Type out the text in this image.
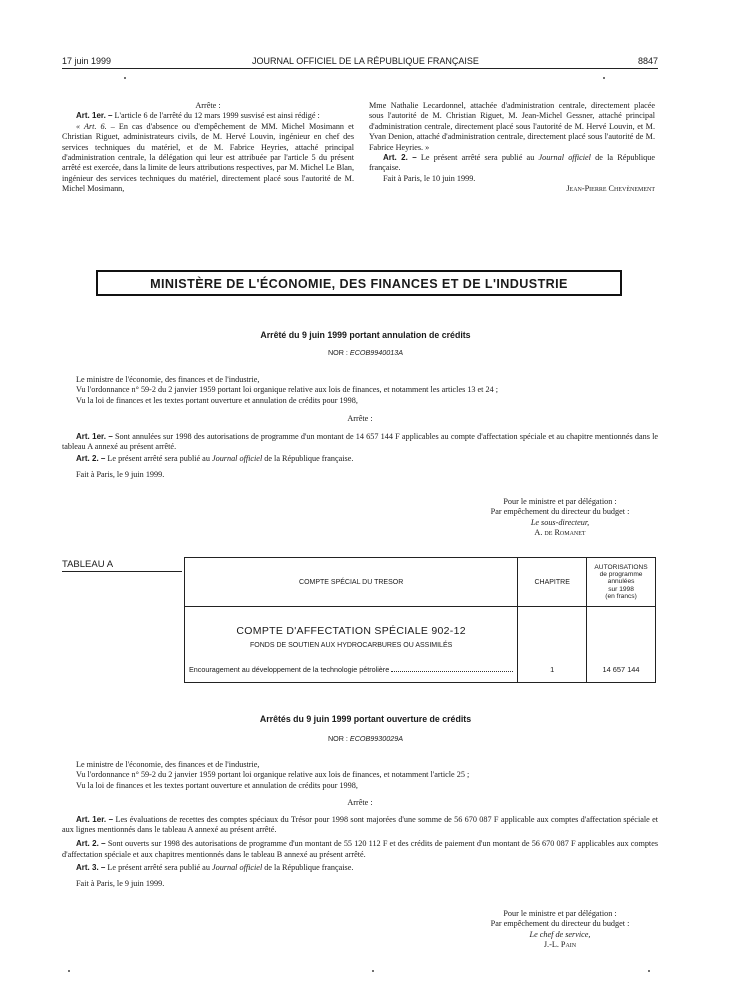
17 juin 1999	JOURNAL OFFICIEL DE LA RÉPUBLIQUE FRANÇAISE	8847

Arrête :

Art. 1er. – L'article 6 de l'arrêté du 12 mars 1999 susvisé est ainsi rédigé :

« Art. 6. – En cas d'absence ou d'empêchement de MM. Michel Mosimann et Christian Riguet, administrateurs civils, de M. Hervé Louvin, ingénieur en chef des services techniques du matériel, et de M. Fabrice Heyries, attaché principal d'administration centrale, la délégation qui leur est attribuée par l'article 5 du présent arrêté est exercée, dans la limite de leurs attributions respectives, par M. Michel Le Blan, ingénieur des services techniques du matériel, directement placé sous l'autorité de M. Michel Mosimann,

Mme Nathalie Lecardonnel, attachée d'administration centrale, directement placée sous l'autorité de M. Christian Riguet, M. Jean-Michel Gessner, attaché principal d'administration centrale, directement placé sous l'autorité de M. Hervé Louvin, et M. Yvan Denion, attaché d'administration centrale, directement placé sous l'autorité de M. Fabrice Heyries. »

Art. 2. – Le présent arrêté sera publié au Journal officiel de la République française.

Fait à Paris, le 10 juin 1999.

Jean-Pierre Chevènement

MINISTÈRE DE L'ÉCONOMIE, DES FINANCES ET DE L'INDUSTRIE
Arrêté du 9 juin 1999 portant annulation de crédits
NOR : ECOB9940013A

Le ministre de l'économie, des finances et de l'industrie,

Vu l'ordonnance n° 59-2 du 2 janvier 1959 portant loi organique relative aux lois de finances, et notamment les articles 13 et 24 ;

Vu la loi de finances et les textes portant ouverture et annulation de crédits pour 1998,

Arrête :

Art. 1er. – Sont annulées sur 1998 des autorisations de programme d'un montant de 14 657 144 F applicables au compte d'affectation spéciale et au chapitre mentionnés dans le tableau A annexé au présent arrêté.

Art. 2. – Le présent arrêté sera publié au Journal officiel de la République française.

Fait à Paris, le 9 juin 1999.

Pour le ministre et par délégation :
Par empêchement du directeur du budget :
Le sous-directeur,
A. de Romanet
TABLEAU A
COMPTE SPÉCIAL DU TRESOR	CHAPITRE	AUTORISATIONS
de programme
annulées
sur 1998
(en francs)

COMPTE D'AFFECTATION SPÉCIALE 902-12
FONDS DE SOUTIEN AUX HYDROCARBURES OU ASSIMILÉS
Encouragement au développement de la technologie pétrolière	1	14 657 144
Arrêtés du 9 juin 1999 portant ouverture de crédits
NOR : ECOB9930029A

Le ministre de l'économie, des finances et de l'industrie,

Vu l'ordonnance n° 59-2 du 2 janvier 1959 portant loi organique relative aux lois de finances, et notamment l'article 25 ;

Vu la loi de finances et les textes portant ouverture et annulation de crédits pour 1998,

Arrête :

Art. 1er. – Les évaluations de recettes des comptes spéciaux du Trésor pour 1998 sont majorées d'une somme de 56 670 087 F applicable aux comptes d'affectation spéciale et aux lignes mentionnés dans le tableau A annexé au présent arrêté.

Art. 2. – Sont ouverts sur 1998 des autorisations de programme d'un montant de 55 120 112 F et des crédits de paiement d'un montant de 56 670 087 F applicables aux comptes d'affectation spéciale et aux chapitres mentionnés dans le tableau B annexé au présent arrêté.

Art. 3. – Le présent arrêté sera publié au Journal officiel de la République française.

Fait à Paris, le 9 juin 1999.

Pour le ministre et par délégation :
Par empêchement du directeur du budget :
Le chef de service,
J.-L. Pain
